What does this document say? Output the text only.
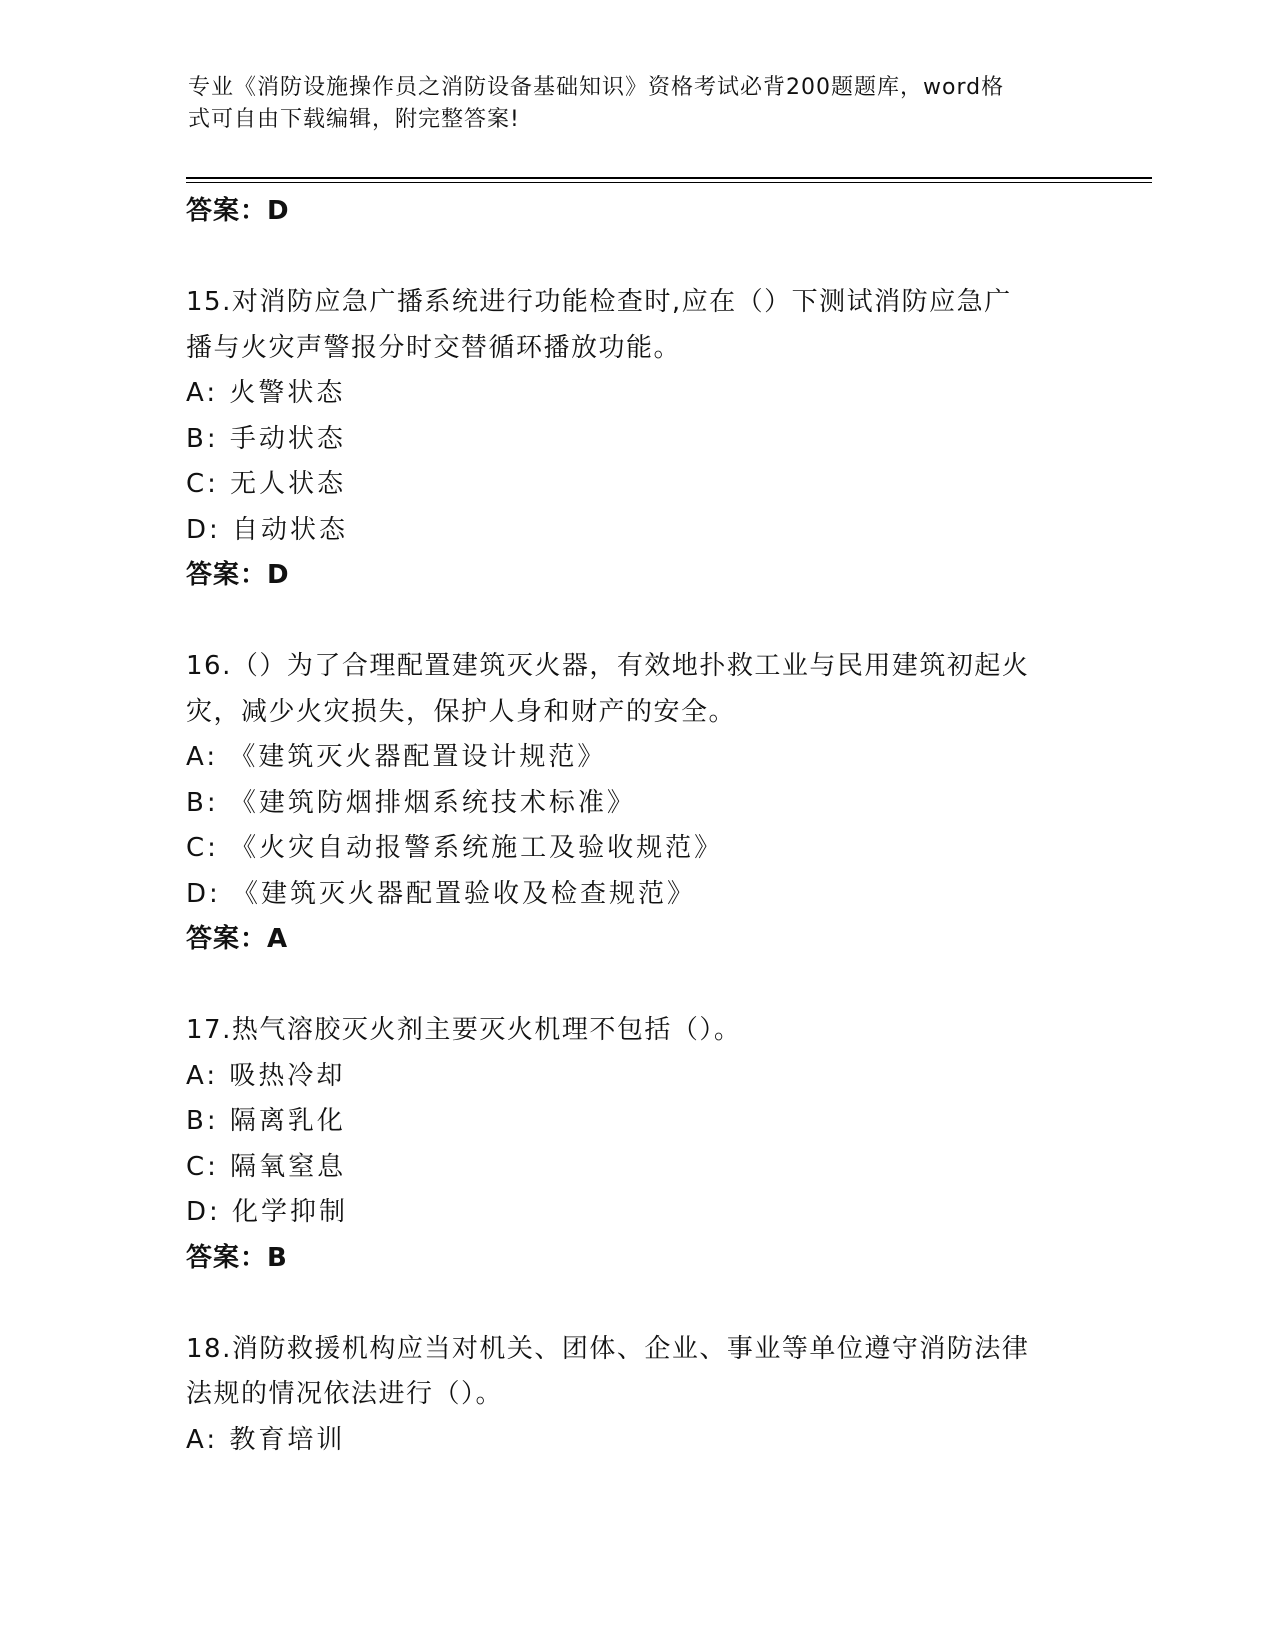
专业《消防设施操作员之消防设备基础知识》资格考试必背200题题库，word格
式可自由下载编辑，附完整答案!
答案：D
15.对消防应急广播系统进行功能检查时,应在（）下测试消防应急广
播与火灾声警报分时交替循环播放功能。
A: 火警状态
B: 手动状态
C: 无人状态
D: 自动状态
答案：D
16.（）为了合理配置建筑灭火器，有效地扑救工业与民用建筑初起火
灾，减少火灾损失，保护人身和财产的安全。
A: 《建筑灭火器配置设计规范》
B: 《建筑防烟排烟系统技术标准》
C: 《火灾自动报警系统施工及验收规范》
D: 《建筑灭火器配置验收及检查规范》
答案：A
17.热气溶胶灭火剂主要灭火机理不包括（）。
A: 吸热冷却
B: 隔离乳化
C: 隔氧窒息
D: 化学抑制
答案：B
18.消防救援机构应当对机关、团体、企业、事业等单位遵守消防法律
法规的情况依法进行（）。
A: 教育培训
